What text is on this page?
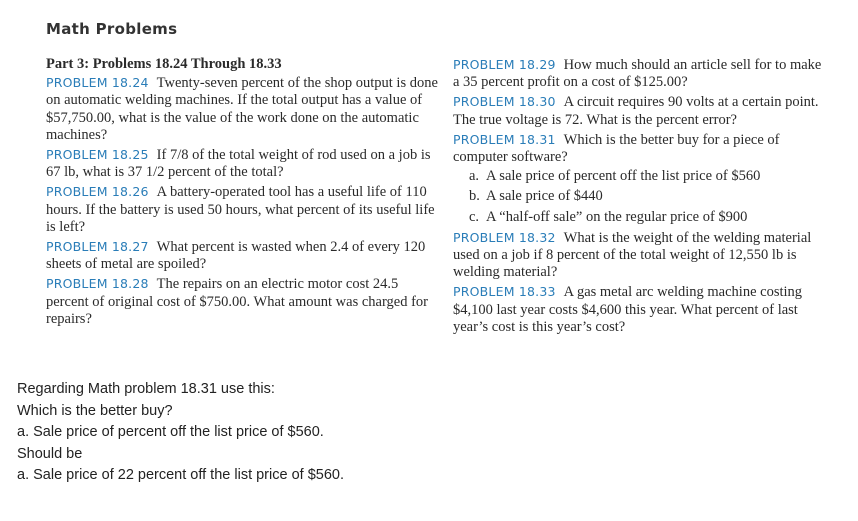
Math Problems
Part 3: Problems 18.24 Through 18.33
PROBLEM 18.24 Twenty-seven percent of the shop output is done on automatic welding machines. If the total output has a value of $57,750.00, what is the value of the work done on the automatic machines?
PROBLEM 18.25 If 7/8 of the total weight of rod used on a job is 67 lb, what is 37 1/2 percent of the total?
PROBLEM 18.26 A battery-operated tool has a useful life of 110 hours. If the battery is used 50 hours, what percent of its useful life is left?
PROBLEM 18.27 What percent is wasted when 2.4 of every 120 sheets of metal are spoiled?
PROBLEM 18.28 The repairs on an electric motor cost 24.5 percent of original cost of $750.00. What amount was charged for repairs?
PROBLEM 18.29 How much should an article sell for to make a 35 percent profit on a cost of $125.00?
PROBLEM 18.30 A circuit requires 90 volts at a certain point. The true voltage is 72. What is the percent error?
PROBLEM 18.31 Which is the better buy for a piece of computer software?
a. A sale price of percent off the list price of $560
b. A sale price of $440
c. A “half-off sale” on the regular price of $900
PROBLEM 18.32 What is the weight of the welding material used on a job if 8 percent of the total weight of 12,550 lb is welding material?
PROBLEM 18.33 A gas metal arc welding machine costing $4,100 last year costs $4,600 this year. What percent of last year’s cost is this year’s cost?
Regarding Math problem 18.31 use this:
Which is the better buy?
a. Sale price of percent off the list price of $560.
Should be
a. Sale price of 22 percent off the list price of $560.
